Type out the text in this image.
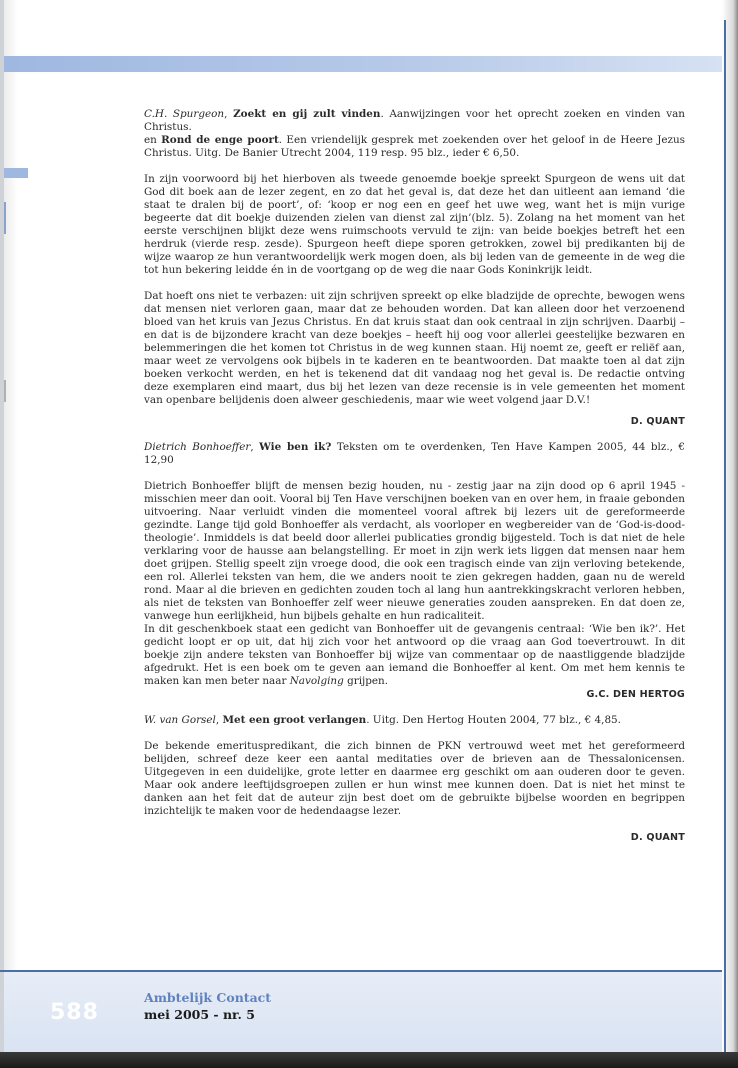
C.H. Spurgeon, Zoekt en gij zult vinden. Aanwijzingen voor het oprecht zoeken en vinden van Christus.

en Rond de enge poort. Een vriendelijk gesprek met zoekenden over het geloof in de Heere Jezus Christus. Uitg. De Banier Utrecht 2004, 119 resp. 95 blz., ieder € 6,50.

In zijn voorwoord bij het hierboven als tweede genoemde boekje spreekt Spurgeon de wens uit dat God dit boek aan de lezer zegent, en zo dat het geval is, dat deze het dan uitleent aan iemand ‘die staat te dralen bij de poort’, of: ‘koop er nog een en geef het uwe weg, want het is mijn vurige begeerte dat dit boekje duizenden zielen van dienst zal zijn’(blz. 5). Zolang na het moment van het eerste verschijnen blijkt deze wens ruimschoots vervuld te zijn: van beide boekjes betreft het een herdruk (vierde resp. zesde). Spurgeon heeft diepe sporen getrokken, zowel bij predikanten bij de wijze waarop ze hun verantwoordelijk werk mogen doen, als bij leden van de gemeente in de weg die tot hun bekering leidde én in de voortgang op de weg die naar Gods Koninkrijk leidt.

Dat hoeft ons niet te verbazen: uit zijn schrijven spreekt op elke bladzijde de oprechte, bewogen wens dat mensen niet verloren gaan, maar dat ze behouden worden. Dat kan alleen door het verzoenend bloed van het kruis van Jezus Christus. En dat kruis staat dan ook centraal in zijn schrijven. Daarbij – en dat is de bijzondere kracht van deze boekjes – heeft hij oog voor allerlei geestelijke bezwaren en belemmeringen die het komen tot Christus in de weg kunnen staan. Hij noemt ze, geeft er reliëf aan, maar weet ze vervolgens ook bijbels in te kaderen en te beantwoorden. Dat maakte toen al dat zijn boeken verkocht werden, en het is tekenend dat dit vandaag nog het geval is. De redactie ontving deze exemplaren eind maart, dus bij het lezen van deze recensie is in vele gemeenten het moment van openbare belijdenis doen alweer geschiedenis, maar wie weet volgend jaar D.V.!

D. QUANT

Dietrich Bonhoeffer, Wie ben ik? Teksten om te overdenken, Ten Have Kampen 2005, 44 blz., € 12,90

Dietrich Bonhoeffer blijft de mensen bezig houden, nu - zestig jaar na zijn dood op 6 april 1945 - misschien meer dan ooit. Vooral bij Ten Have verschijnen boeken van en over hem, in fraaie gebonden uitvoering. Naar verluidt vinden die momenteel vooral aftrek bij lezers uit de gereformeerde gezindte. Lange tijd gold Bonhoeffer als verdacht, als voorloper en wegbereider van de ‘God-is-dood-theologie’. Inmiddels is dat beeld door allerlei publicaties grondig bijgesteld. Toch is dat niet de hele verklaring voor de hausse aan belangstelling. Er moet in zijn werk iets liggen dat mensen naar hem doet grijpen. Stellig speelt zijn vroege dood, die ook een tragisch einde van zijn verloving betekende, een rol. Allerlei teksten van hem, die we anders nooit te zien gekregen hadden, gaan nu de wereld rond. Maar al die brieven en gedichten zouden toch al lang hun aantrekkingskracht verloren hebben, als niet de teksten van Bonhoeffer zelf weer nieuwe generaties zouden aanspreken. En dat doen ze, vanwege hun eerlijkheid, hun bijbels gehalte en hun radicaliteit.

In dit geschenkboek staat een gedicht van Bonhoeffer uit de gevangenis centraal: ‘Wie ben ik?’. Het gedicht loopt er op uit, dat hij zich voor het antwoord op die vraag aan God toevertrouwt. In dit boekje zijn andere teksten van Bonhoeffer bij wijze van commentaar op de naastliggende bladzijde afgedrukt. Het is een boek om te geven aan iemand die Bonhoeffer al kent. Om met hem kennis te maken kan men beter naar Navolging grijpen.

G.C. DEN HERTOG

W. van Gorsel, Met een groot verlangen. Uitg. Den Hertog Houten 2004, 77 blz., € 4,85.

De bekende emerituspredikant, die zich binnen de PKN vertrouwd weet met het gereformeerd belijden, schreef deze keer een aantal meditaties over de brieven aan de Thessalonicensen. Uitgegeven in een duidelijke, grote letter en daarmee erg geschikt om aan ouderen door te geven. Maar ook andere leeftijdsgroepen zullen er hun winst mee kunnen doen. Dat is niet het minst te danken aan het feit dat de auteur zijn best doet om de gebruikte bijbelse woorden en begrippen inzichtelijk te maken voor de hedendaagse lezer.

D. QUANT

588
Ambtelijk Contact
mei 2005 - nr. 5
